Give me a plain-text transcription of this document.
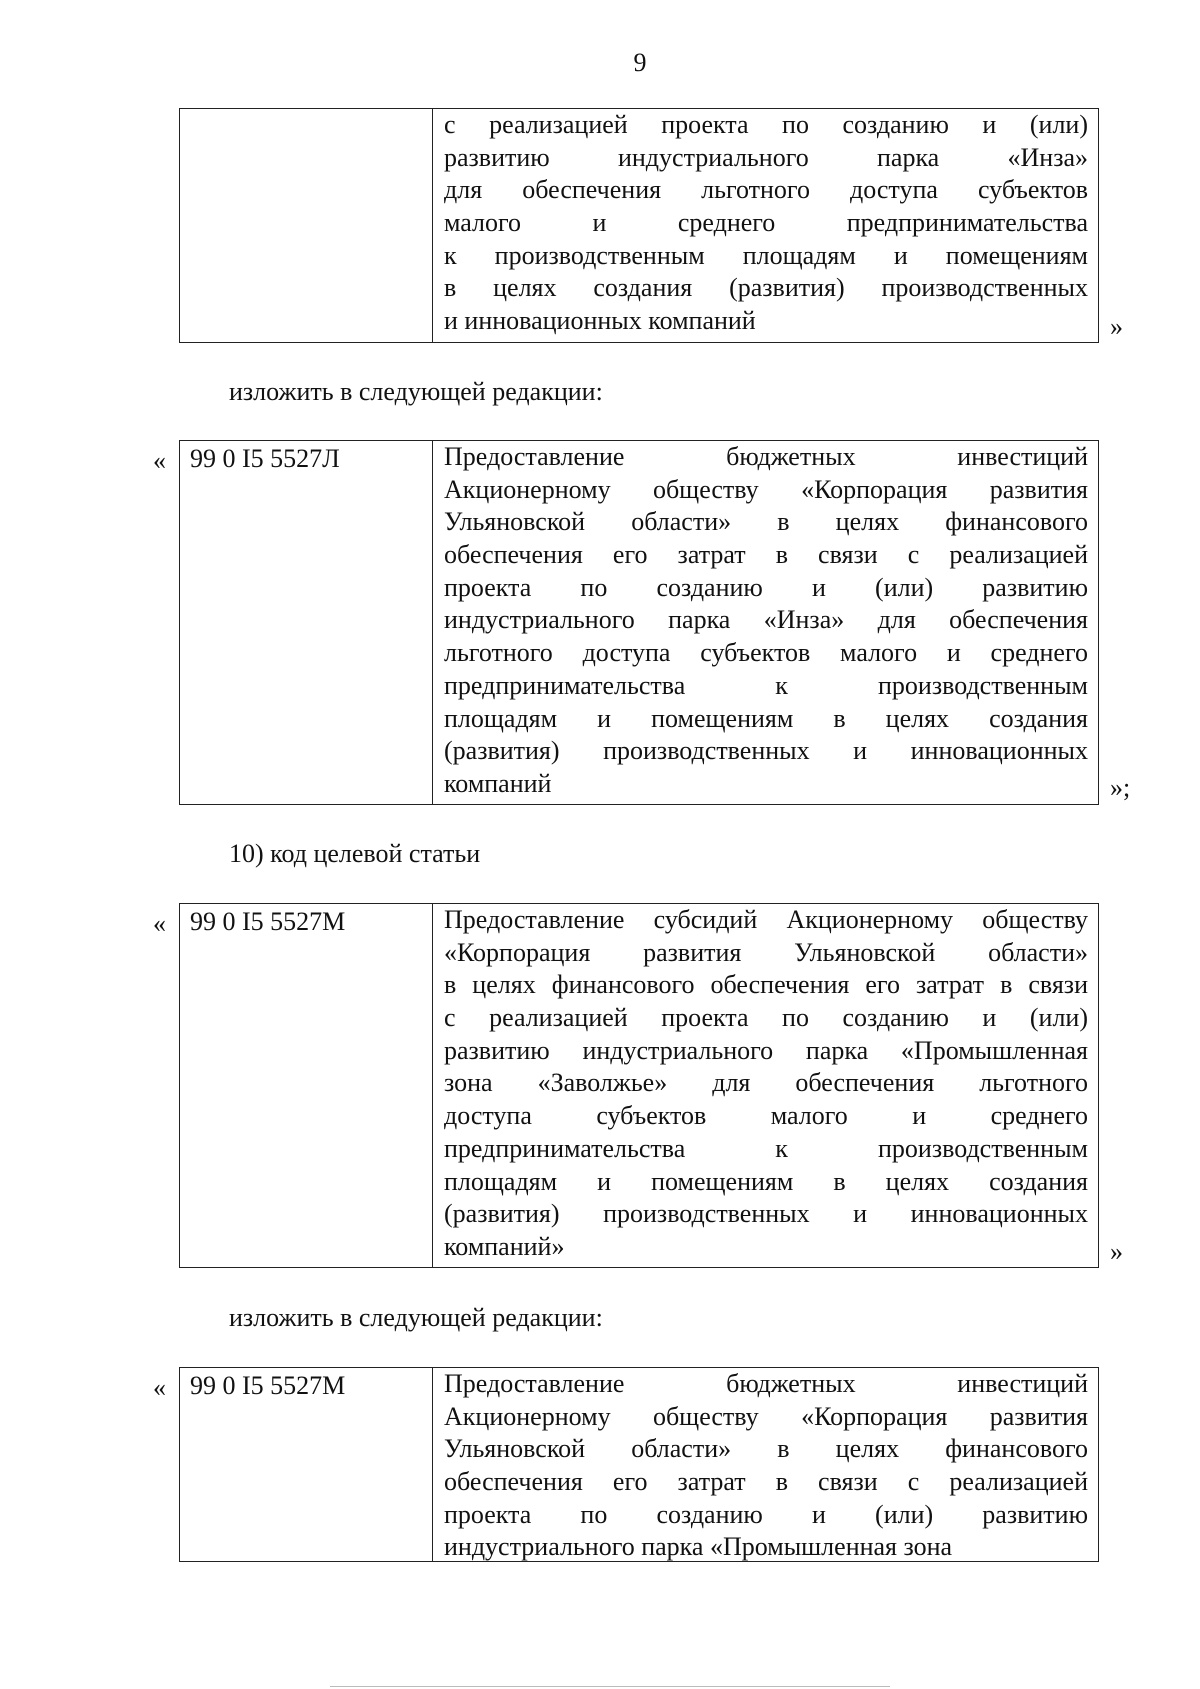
9
с реализацией проекта по созданию и (или)
развитию индустриального парка «Инза»
для обеспечения льготного доступа субъектов
малого и среднего предпринимательства
к производственным площадям и помещениям
в целях создания (развития) производственных
и инновационных компаний	»
изложить в следующей редакции:
« 99 0 I5 5527Л	Предоставление бюджетных инвестиций
Акционерному обществу «Корпорация развития
Ульяновской области» в целях финансового
обеспечения его затрат в связи с реализацией
проекта по созданию и (или) развитию
индустриального парка «Инза» для обеспечения
льготного доступа субъектов малого и среднего
предпринимательства к производственным
площадям и помещениям в целях создания
(развития) производственных и инновационных
компаний	»;
10) код целевой статьи
« 99 0 I5 5527М	Предоставление субсидий Акционерному обществу
«Корпорация развития Ульяновской области»
в целях финансового обеспечения его затрат в связи
с реализацией проекта по созданию и (или)
развитию индустриального парка «Промышленная
зона «Заволжье» для обеспечения льготного
доступа субъектов малого и среднего
предпринимательства к производственным
площадям и помещениям в целях создания
(развития) производственных и инновационных
компаний»	»
изложить в следующей редакции:
« 99 0 I5 5527М	Предоставление бюджетных инвестиций
Акционерному обществу «Корпорация развития
Ульяновской области» в целях финансового
обеспечения его затрат в связи с реализацией
проекта по созданию и (или) развитию
индустриального парка «Промышленная зона
